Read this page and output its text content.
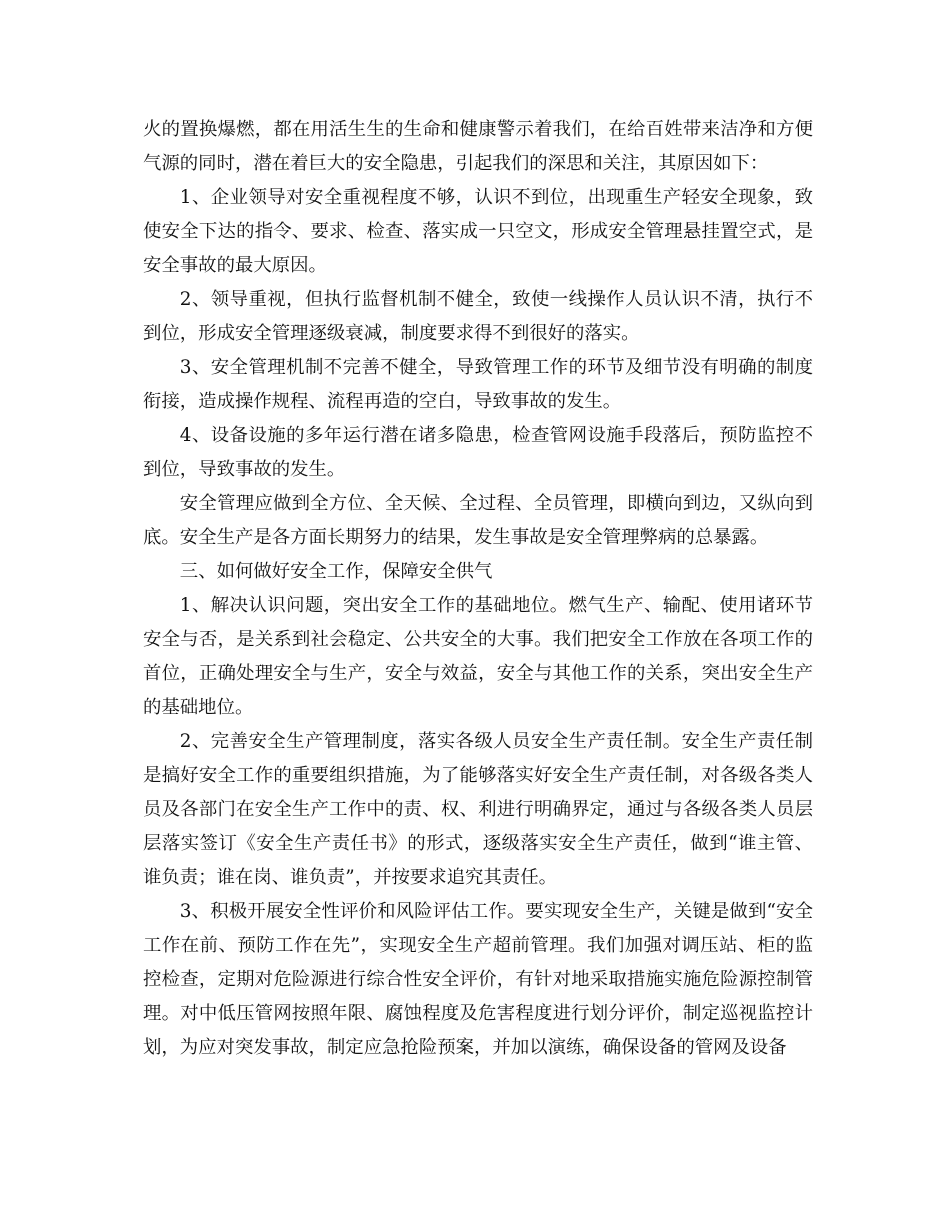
火的置换爆燃，都在用活生生的生命和健康警示着我们，在给百姓带来洁净和方便气源的同时，潜在着巨大的安全隐患，引起我们的深思和关注，其原因如下：

1、企业领导对安全重视程度不够，认识不到位，出现重生产轻安全现象，致使安全下达的指令、要求、检查、落实成一只空文，形成安全管理悬挂置空式，是安全事故的最大原因。

2、领导重视，但执行监督机制不健全，致使一线操作人员认识不清，执行不到位，形成安全管理逐级衰减，制度要求得不到很好的落实。

3、安全管理机制不完善不健全，导致管理工作的环节及细节没有明确的制度衔接，造成操作规程、流程再造的空白，导致事故的发生。

4、设备设施的多年运行潜在诸多隐患，检查管网设施手段落后，预防监控不到位，导致事故的发生。

安全管理应做到全方位、全天候、全过程、全员管理，即横向到边，又纵向到底。安全生产是各方面长期努力的结果，发生事故是安全管理弊病的总暴露。

三、如何做好安全工作，保障安全供气

1、解决认识问题，突出安全工作的基础地位。燃气生产、输配、使用诸环节安全与否，是关系到社会稳定、公共安全的大事。我们把安全工作放在各项工作的首位，正确处理安全与生产，安全与效益，安全与其他工作的关系，突出安全生产的基础地位。

2、完善安全生产管理制度，落实各级人员安全生产责任制。安全生产责任制是搞好安全工作的重要组织措施，为了能够落实好安全生产责任制，对各级各类人员及各部门在安全生产工作中的责、权、利进行明确界定，通过与各级各类人员层层落实签订《安全生产责任书》的形式，逐级落实安全生产责任，做到“谁主管、谁负责；谁在岗、谁负责”，并按要求追究其责任。

3、积极开展安全性评价和风险评估工作。要实现安全生产，关键是做到“安全工作在前、预防工作在先”，实现安全生产超前管理。我们加强对调压站、柜的监控检查，定期对危险源进行综合性安全评价，有针对地采取措施实施危险源控制管理。对中低压管网按照年限、腐蚀程度及危害程度进行划分评价，制定巡视监控计划，为应对突发事故，制定应急抢险预案，并加以演练，确保设备的管网及设备
